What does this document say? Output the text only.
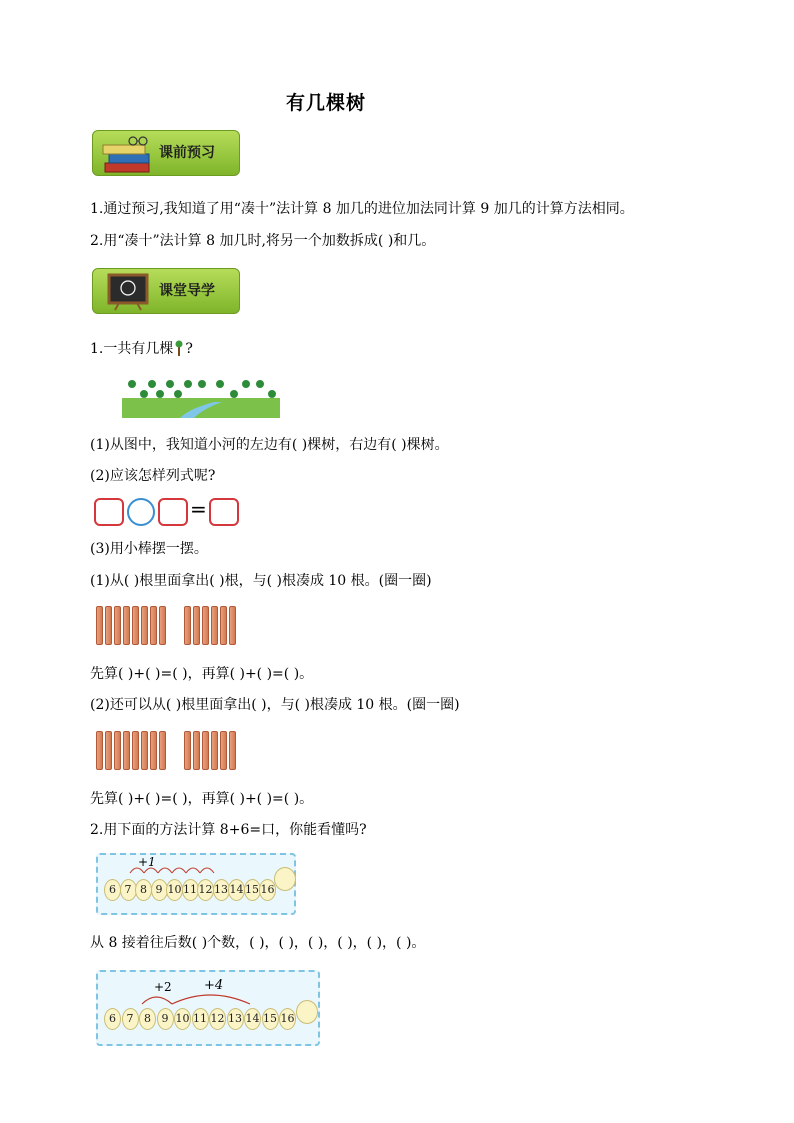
有几棵树
课前预习
1.通过预习,我知道了用“凑十”法计算 8 加几的进位加法同计算 9 加几的计算方法相同。
2.用“凑十”法计算 8 加几时,将另一个加数拆成( )和几。
课堂导学
1.一共有几棵 ?
(1)从图中，我知道小河的左边有( )棵树，右边有( )棵树。
(2)应该怎样列式呢?
=
(3)用小棒摆一摆。
(1)从( )根里面拿出( )根，与( )根凑成 10 根。(圈一圈)
先算( )+( )=( )，再算( )+( )=( )。
(2)还可以从( )根里面拿出( )，与( )根凑成 10 根。(圈一圈)
先算( )+( )=( )，再算( )+( )=( )。
2.用下面的方法计算 8+6=口，你能看懂吗?
+1
6 7 8 9 10 11 12 13 14 15 16
从 8 接着往后数( )个数，( )，( )，( )，( )，( )，( )。
+2 +4
6 7 8 9 10 11 12 13 14 15 16
